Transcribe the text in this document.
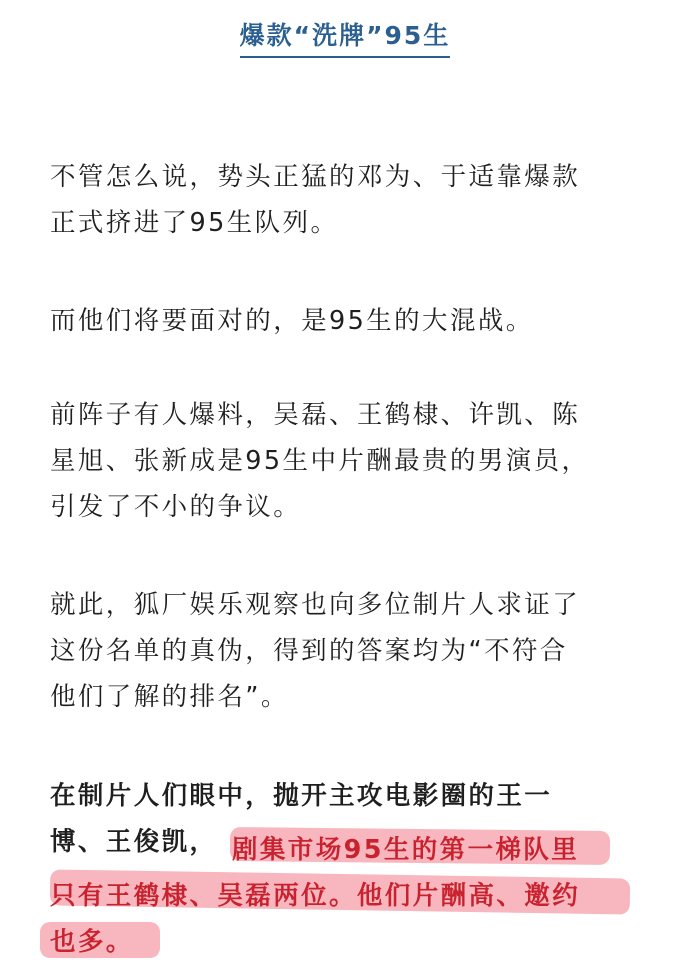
爆款“洗牌”95生

不管怎么说，势头正猛的邓为、于适靠爆款
正式挤进了95生队列。

而他们将要面对的，是95生的大混战。

前阵子有人爆料，吴磊、王鹤棣、许凯、陈
星旭、张新成是95生中片酬最贵的男演员，
引发了不小的争议。

就此，狐厂娱乐观察也向多位制片人求证了
这份名单的真伪，得到的答案均为“不符合
他们了解的排名”。

在制片人们眼中，抛开主攻电影圈的王一
博、王俊凯， 剧集市场95生的第一梯队里

只有王鹤棣、吴磊两位。他们片酬高、邀约

也多。
